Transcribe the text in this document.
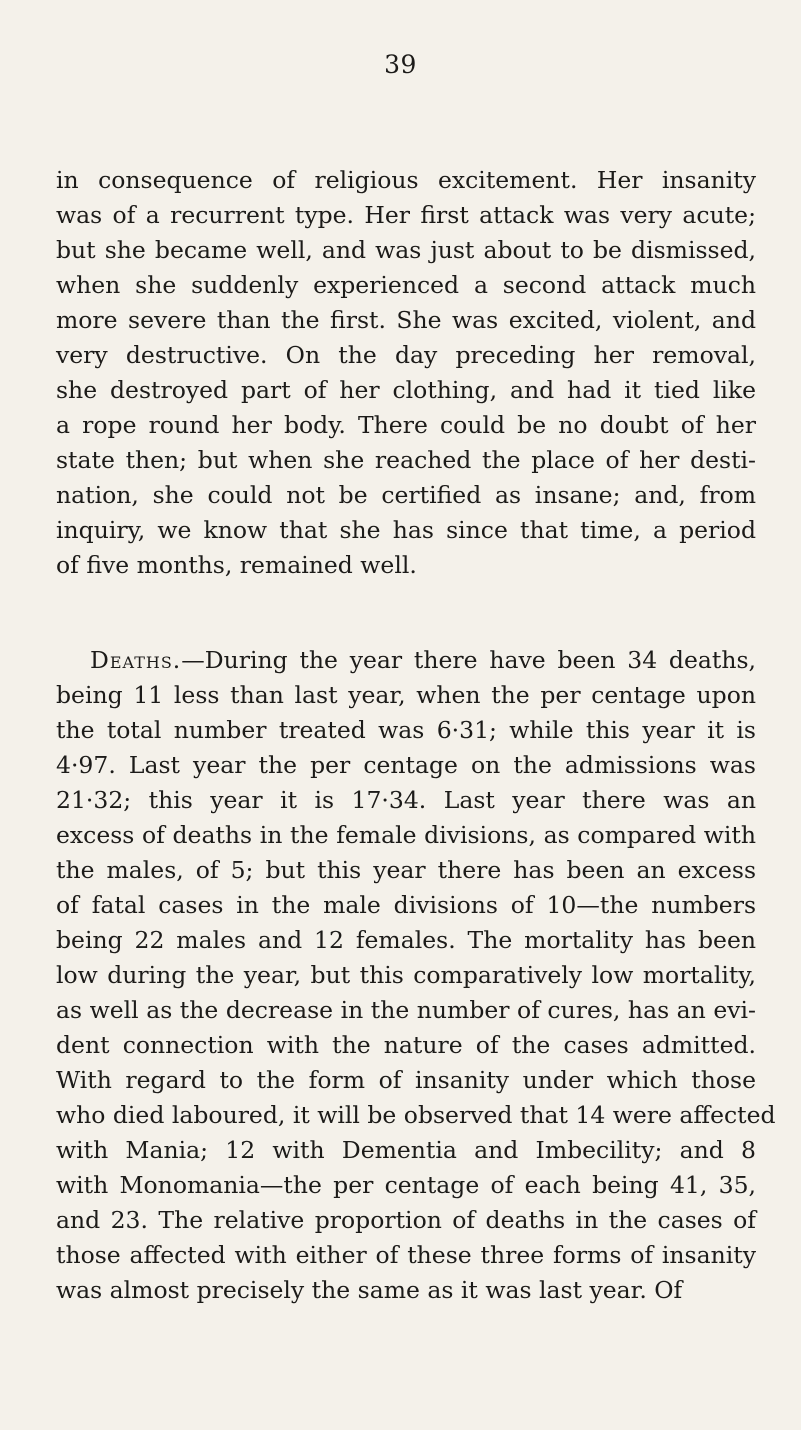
39
in consequence of religious excitement. Her insanity
was of a recurrent type. Her first attack was very acute;
but she became well, and was just about to be dismissed,
when she suddenly experienced a second attack much
more severe than the first. She was excited, violent, and
very destructive. On the day preceding her removal,
she destroyed part of her clothing, and had it tied like
a rope round her body. There could be no doubt of her
state then; but when she reached the place of her desti-
nation, she could not be certified as insane; and, from
inquiry, we know that she has since that time, a period
of five months, remained well.
Deaths.—During the year there have been 34 deaths,
being 11 less than last year, when the per centage upon
the total number treated was 6·31; while this year it is
4·97. Last year the per centage on the admissions was
21·32; this year it is 17·34. Last year there was an
excess of deaths in the female divisions, as compared with
the males, of 5; but this year there has been an excess
of fatal cases in the male divisions of 10—the numbers
being 22 males and 12 females. The mortality has been
low during the year, but this comparatively low mortality,
as well as the decrease in the number of cures, has an evi-
dent connection with the nature of the cases admitted.
With regard to the form of insanity under which those
who died laboured, it will be observed that 14 were affected
with Mania; 12 with Dementia and Imbecility; and 8
with Monomania—the per centage of each being 41, 35,
and 23. The relative proportion of deaths in the cases of
those affected with either of these three forms of insanity
was almost precisely the same as it was last year. Of
